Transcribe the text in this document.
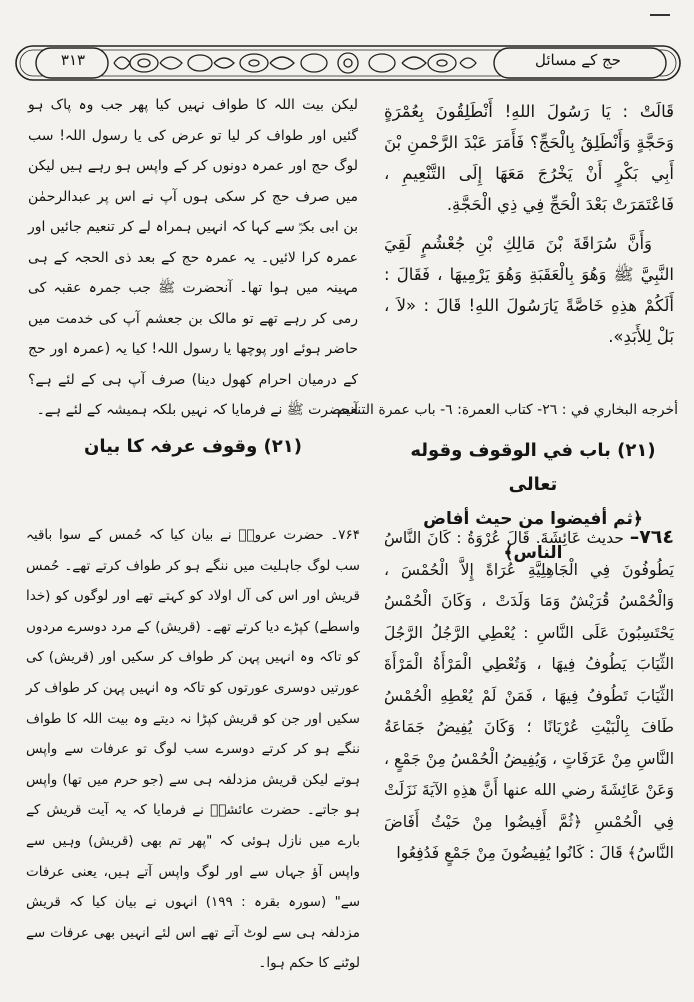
٣١٣	حج کے مسائل

قَالَتْ : يَا رَسُولَ اللهِ! أَنْطَلِقُونَ بِعُمْرَةٍ وَحَجَّةٍ وَأَنْطَلِقُ بِالْحَجِّ؟ فَأَمَرَ عَبْدَ الرَّحْمنِ بْنَ أَبِي بَكْرٍ أَنْ يَخْرُجَ مَعَهَا إِلَى التَّنْعِيمِ ، فَاعْتَمَرَتْ بَعْدَ الْحَجِّ فِي ذِي الْحَجَّةِ.

وَأَنَّ سُرَاقَةَ بْنَ مَالِكِ بْنِ جُعْشُمٍ لَقِيَ النَّبِيَّ ﷺ وَهُوَ بِالْعَقَبَةِ وَهُوَ يَرْمِيهَا ، فَقَالَ : أَلَكُمْ هذِهِ خَاصَّةً يَارَسُولَ اللهِ! قَالَ : «لاَ ، بَلْ لِلأَبَدِ».

لیکن بیت اللہ کا طواف نہیں کیا پھر جب وہ پاک ہو گئیں اور طواف کر لیا تو عرض کی یا رسول اللہ! سب لوگ حج اور عمرہ دونوں کر کے واپس ہو رہے ہیں لیکن میں صرف حج کر سکی ہوں آپ نے اس پر عبدالرحمٰن بن ابی بکرؓ سے کہا کہ انہیں ہمراہ لے کر تنعیم جائیں اور عمرہ کرا لائیں۔ یہ عمرہ حج کے بعد ذی الحجہ کے ہی مہینہ میں ہوا تھا۔ آنحضرت ﷺ جب جمرہ عقبہ کی رمی کر رہے تھے تو مالک بن جعشم آپ کی خدمت میں حاضر ہوئے اور پوچھا یا رسول اللہ! کیا یہ (عمرہ اور حج کے درمیان احرام کھول دینا) صرف آپ ہی کے لئے ہے؟ آنحضرت ﷺ نے فرمایا کہ نہیں بلکہ ہمیشہ کے لئے ہے۔

أخرجه البخاري في : ٢٦- كتاب العمرة: ٦- باب عمرة التنعيم.
(٢١) باب في الوقوف وقوله تعالى
﴿ثم أفيضوا من حيث أفاض الناس﴾
(۲۱) وقوف عرفہ کا بیان

٧٦٤– حديث عَائِشَةَ. قَالَ عُرْوَةُ : كَانَ النَّاسُ يَطُوفُونَ فِي الْجَاهِلِيَّةِ عُرَاةً إِلاَّ الْحُمْسَ ، وَالْحُمْسُ قُرَيْشٌ وَمَا وَلَدَتْ ، وَكَانَ الْحُمْسُ يَحْتَسِبُونَ عَلَى النَّاسِ : يُعْطِي الرَّجُلُ الرَّجُلَ الثِّيَابَ يَطُوفُ فِيهَا ، وَتُعْطِي الْمَرْأَةُ الْمَرْأَةَ الثِّيَابَ تَطُوفُ فِيهَا ، فَمَنْ لَمْ يُعْطِهِ الْحُمْسُ طَافَ بِالْبَيْتِ عُرْيَانًا ؛ وَكَانَ يُفِيضُ جَمَاعَةُ النَّاسِ مِنْ عَرَفَاتٍ ، وَيُفِيضُ الْحُمْسُ مِنْ جَمْعٍ ، وَعَنْ عَائِشَةَ رضي الله عنها أَنَّ هذِهِ الآيَةَ نَزَلَتْ فِي الْحُمْسِ ﴿ثُمَّ أَفِيضُوا مِنْ حَيْثُ أَفَاضَ النَّاسُ﴾ قَالَ : كَانُوا يُفِيضُونَ مِنْ جَمْعٍ فَدُفِعُوا

۷۶۴۔ حضرت عروہؓ نے بیان کیا کہ حُمس کے سوا باقیہ سب لوگ جاہلیت میں ننگے ہو کر طواف کرتے تھے۔ حُمس قریش اور اس کی آل اولاد کو کہتے تھے اور لوگوں کو (خدا واسطے) کپڑے دیا کرتے تھے۔ (قریش) کے مرد دوسرے مردوں کو تاکہ وہ انہیں پہن کر طواف کر سکیں اور (قریش) کی عورتیں دوسری عورتوں کو تاکہ وہ انہیں پہن کر طواف کر سکیں اور جن کو قریش کپڑا نہ دیتے وہ بیت اللہ کا طواف ننگے ہو کر کرتے دوسرے سب لوگ تو عرفات سے واپس ہوتے لیکن قریش مزدلفہ ہی سے (جو حرم میں تھا) واپس ہو جاتے۔ حضرت عائشہؓ نے فرمایا کہ یہ آیت قریش کے بارے میں نازل ہوئی کہ "پھر تم بھی (قریش) وہیں سے واپس آؤ جہاں سے اور لوگ واپس آتے ہیں، یعنی عرفات سے" (سورہ بقرہ : ۱۹۹) انہوں نے بیان کیا کہ قریش مزدلفہ ہی سے لوٹ آتے تھے اس لئے انہیں بھی عرفات سے لوٹنے کا حکم ہوا۔
